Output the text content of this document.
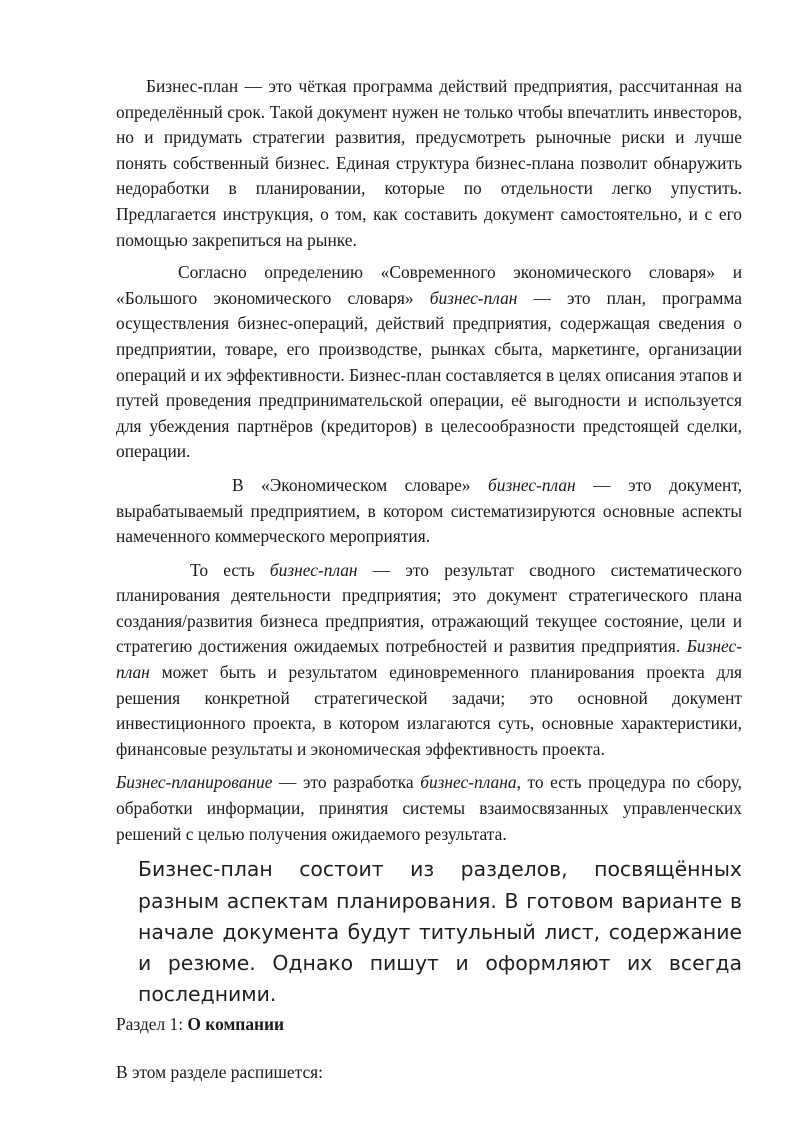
Бизнес-план — это чёткая программа действий предприятия, рассчитанная на определённый срок. Такой документ нужен не только чтобы впечатлить инвесторов, но и придумать стратегии развития, предусмотреть рыночные риски и лучше понять собственный бизнес. Единая структура бизнес-плана позволит обнаружить недоработки в планировании, которые по отдельности легко упустить. Предлагается инструкция, о том, как составить документ самостоятельно, и с его помощью закрепиться на рынке.

Согласно определению «Современного экономического словаря» и «Большого экономического словаря» бизнес-план — это план, программа осуществления бизнес-операций, действий предприятия, содержащая сведения о предприятии, товаре, его производстве, рынках сбыта, маркетинге, организации операций и их эффективности. Бизнес-план составляется в целях описания этапов и путей проведения предпринимательской операции, её выгодности и используется для убеждения партнёров (кредиторов) в целесообразности предстоящей сделки, операции.

В «Экономическом словаре» бизнес-план — это документ, вырабатываемый предприятием, в котором систематизируются основные аспекты намеченного коммерческого мероприятия.

То есть бизнес-план — это результат сводного систематического планирования деятельности предприятия; это документ стратегического плана создания/развития бизнеса предприятия, отражающий текущее состояние, цели и стратегию достижения ожидаемых потребностей и развития предприятия. Бизнес-план может быть и результатом единовременного планирования проекта для решения конкретной стратегической задачи; это основной документ инвестиционного проекта, в котором излагаются суть, основные характеристики, финансовые результаты и экономическая эффективность проекта.

Бизнес-планирование — это разработка бизнес-плана, то есть процедура по сбору, обработки информации, принятия системы взаимосвязанных управленческих решений с целью получения ожидаемого результата.

Бизнес-план состоит из разделов, посвящённых разным аспектам планирования. В готовом варианте в начале документа будут титульный лист, содержание и резюме. Однако пишут и оформляют их всегда последними.

Раздел 1: О компании

В этом разделе распишется:
